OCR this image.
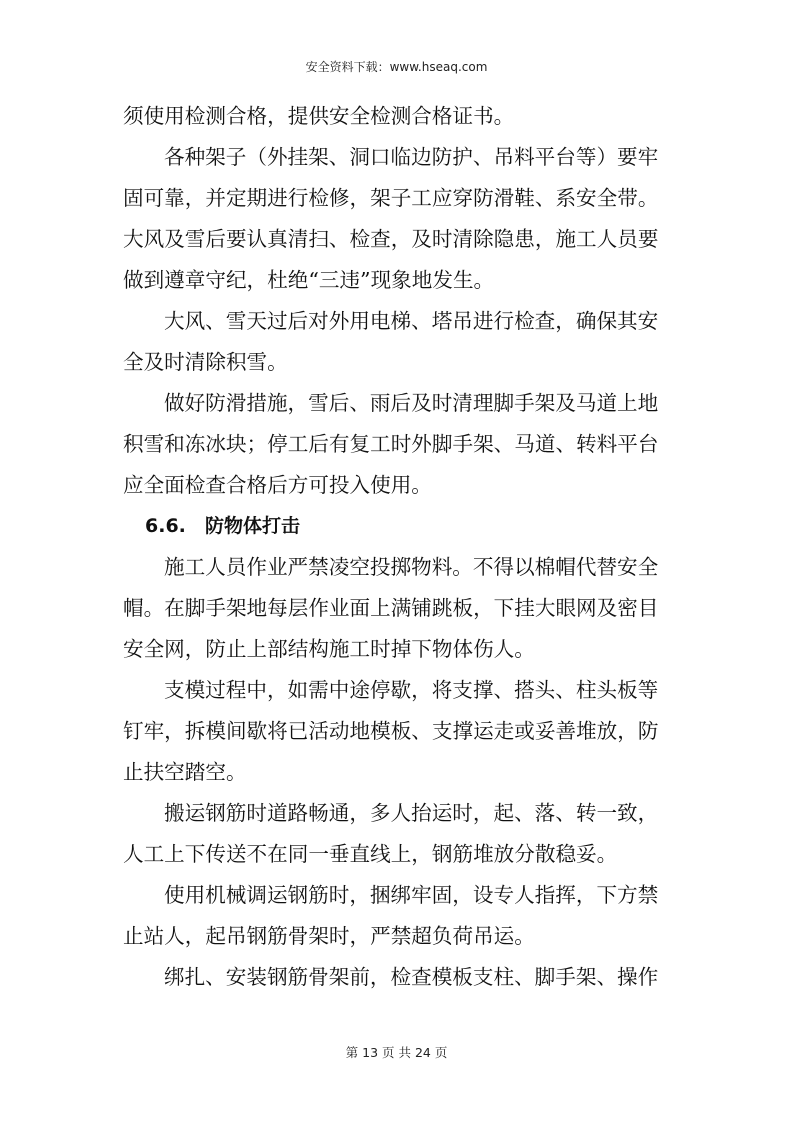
安全资料下载：www.hseaq.com
须使用检测合格，提供安全检测合格证书。
各种架子（外挂架、洞口临边防护、吊料平台等）要牢
固可靠，并定期进行检修，架子工应穿防滑鞋、系安全带。
大风及雪后要认真清扫、检查，及时清除隐患，施工人员要
做到遵章守纪，杜绝“三违”现象地发生。
大风、雪天过后对外用电梯、塔吊进行检查，确保其安
全及时清除积雪。
做好防滑措施，雪后、雨后及时清理脚手架及马道上地
积雪和冻冰块；停工后有复工时外脚手架、马道、转料平台
应全面检查合格后方可投入使用。
6.6. 防物体打击
施工人员作业严禁凌空投掷物料。不得以棉帽代替安全
帽。在脚手架地每层作业面上满铺跳板，下挂大眼网及密目
安全网，防止上部结构施工时掉下物体伤人。
支模过程中，如需中途停歇，将支撑、搭头、柱头板等
钉牢，拆模间歇将已活动地模板、支撑运走或妥善堆放，防
止扶空踏空。
搬运钢筋时道路畅通，多人抬运时，起、落、转一致，
人工上下传送不在同一垂直线上，钢筋堆放分散稳妥。
使用机械调运钢筋时，捆绑牢固，设专人指挥，下方禁
止站人，起吊钢筋骨架时，严禁超负荷吊运。
绑扎、安装钢筋骨架前，检查模板支柱、脚手架、操作
第 13 页 共 24 页
